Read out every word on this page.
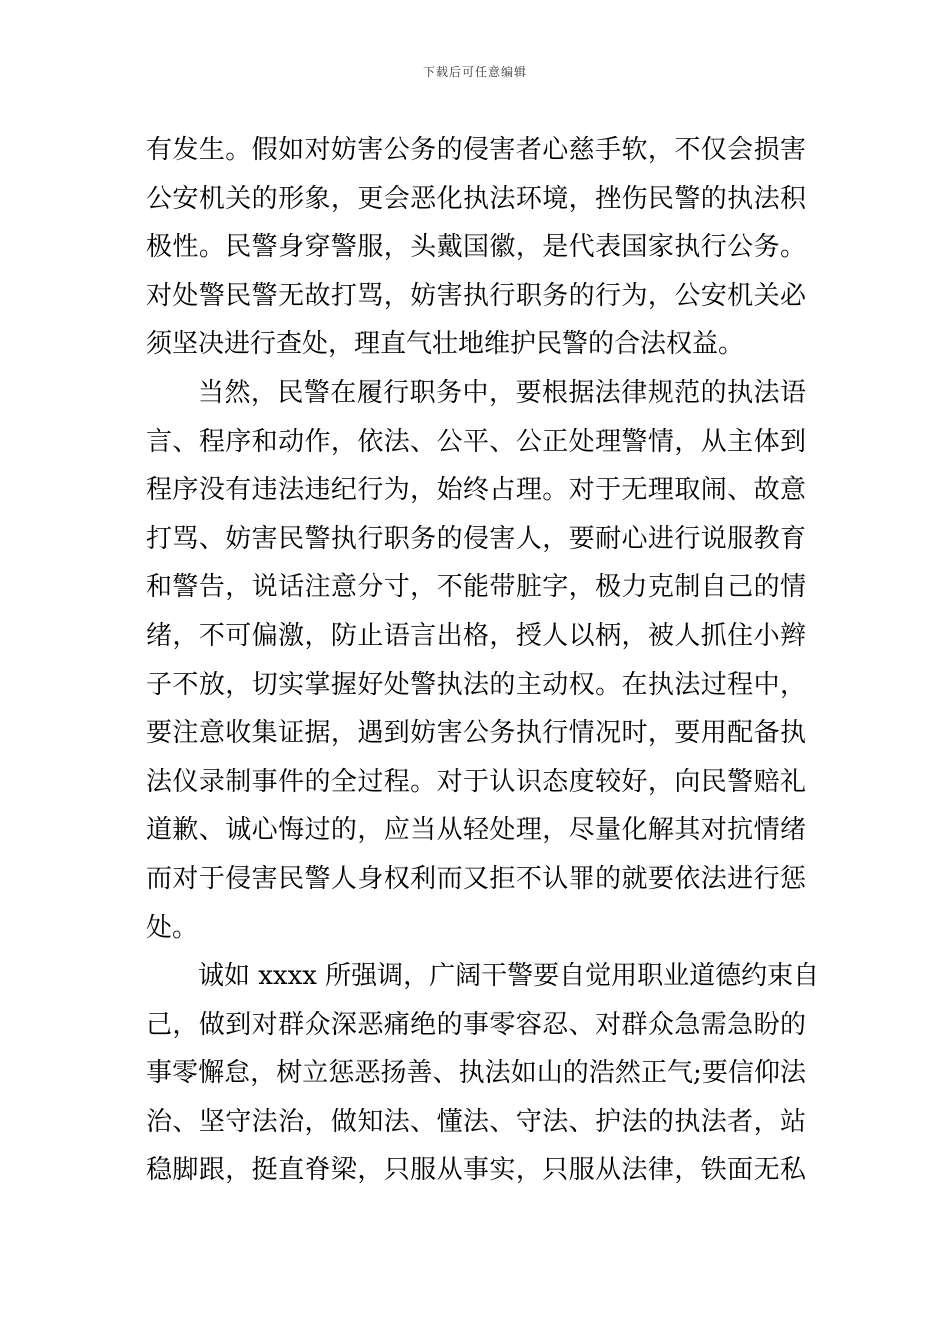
下载后可任意编辑
有发生。假如对妨害公务的侵害者心慈手软，不仅会损害
公安机关的形象，更会恶化执法环境，挫伤民警的执法积
极性。民警身穿警服，头戴国徽，是代表国家执行公务。
对处警民警无故打骂，妨害执行职务的行为，公安机关必
须坚决进行查处，理直气壮地维护民警的合法权益。
当然，民警在履行职务中，要根据法律规范的执法语
言、程序和动作，依法、公平、公正处理警情，从主体到
程序没有违法违纪行为，始终占理。对于无理取闹、故意
打骂、妨害民警执行职务的侵害人，要耐心进行说服教育
和警告，说话注意分寸，不能带脏字，极力克制自己的情
绪，不可偏激，防止语言出格，授人以柄，被人抓住小辫
子不放，切实掌握好处警执法的主动权。在执法过程中，
要注意收集证据，遇到妨害公务执行情况时，要用配备执
法仪录制事件的全过程。对于认识态度较好，向民警赔礼
道歉、诚心悔过的，应当从轻处理，尽量化解其对抗情绪
而对于侵害民警人身权利而又拒不认罪的就要依法进行惩
处。
诚如 xxxx 所强调，广阔干警要自觉用职业道德约束自
己，做到对群众深恶痛绝的事零容忍、对群众急需急盼的
事零懈怠，树立惩恶扬善、执法如山的浩然正气;要信仰法
治、坚守法治，做知法、懂法、守法、护法的执法者，站
稳脚跟，挺直脊梁，只服从事实，只服从法律，铁面无私
